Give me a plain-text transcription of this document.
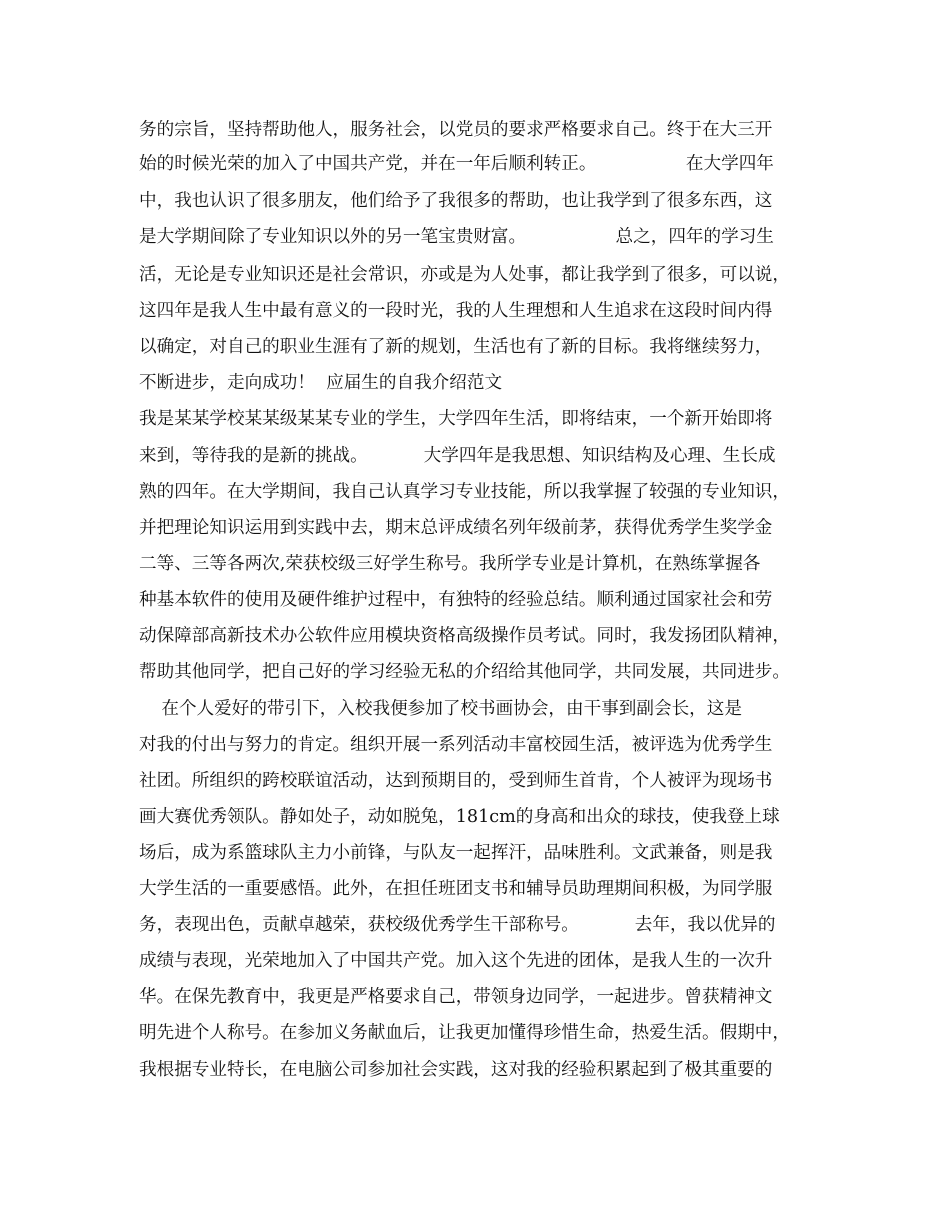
务的宗旨，坚持帮助他人，服务社会，以党员的要求严格要求自己。终于在大三开
始的时候光荣的加入了中国共产党，并在一年后顺利转正。                在大学四年
中，我也认识了很多朋友，他们给予了我很多的帮助，也让我学到了很多东西，这
是大学期间除了专业知识以外的另一笔宝贵财富。                总之，四年的学习生
活，无论是专业知识还是社会常识，亦或是为人处事，都让我学到了很多，可以说，
这四年是我人生中最有意义的一段时光，我的人生理想和人生追求在这段时间内得
以确定，对自己的职业生涯有了新的规划，生活也有了新的目标。我将继续努力，
不断进步，走向成功！  应届生的自我介绍范文
我是某某学校某某级某某专业的学生，大学四年生活，即将结束，一个新开始即将
来到，等待我的是新的挑战。          大学四年是我思想、知识结构及心理、生长成
熟的四年。在大学期间，我自己认真学习专业技能，所以我掌握了较强的专业知识，
并把理论知识运用到实践中去，期末总评成绩名列年级前茅，获得优秀学生奖学金
二等、三等各两次,荣获校级三好学生称号。我所学专业是计算机，在熟练掌握各
种基本软件的使用及硬件维护过程中，有独特的经验总结。顺利通过国家社会和劳
动保障部高新技术办公软件应用模块资格高级操作员考试。同时，我发扬团队精神，
帮助其他同学，把自己好的学习经验无私的介绍给其他同学，共同发展，共同进步。
在个人爱好的带引下，入校我便参加了校书画协会，由干事到副会长，这是
对我的付出与努力的肯定。组织开展一系列活动丰富校园生活，被评选为优秀学生
社团。所组织的跨校联谊活动，达到预期目的，受到师生首肯，个人被评为现场书
画大赛优秀领队。静如处子，动如脱兔，181cm的身高和出众的球技，使我登上球
场后，成为系篮球队主力小前锋，与队友一起挥汗，品味胜利。文武兼备，则是我
大学生活的一重要感悟。此外，在担任班团支书和辅导员助理期间积极，为同学服
务，表现出色，贡献卓越荣，获校级优秀学生干部称号。          去年，我以优异的
成绩与表现，光荣地加入了中国共产党。加入这个先进的团体，是我人生的一次升
华。在保先教育中，我更是严格要求自己，带领身边同学，一起进步。曾获精神文
明先进个人称号。在参加义务献血后，让我更加懂得珍惜生命，热爱生活。假期中，
我根据专业特长，在电脑公司参加社会实践，这对我的经验积累起到了极其重要的
